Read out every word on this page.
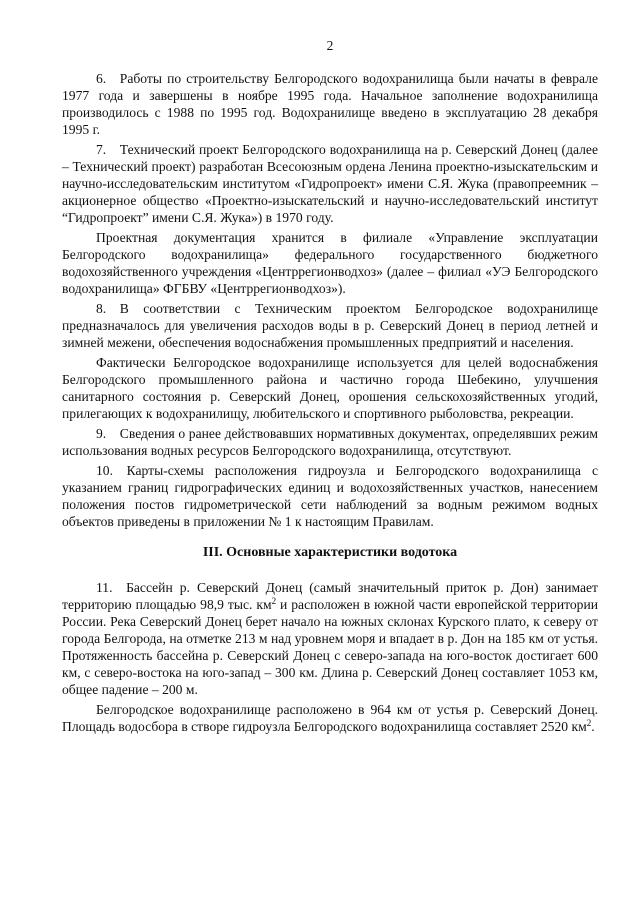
2

6. Работы по строительству Белгородского водохранилища были начаты в феврале 1977 года и завершены в ноябре 1995 года. Начальное заполнение водохранилища производилось с 1988 по 1995 год. Водохранилище введено в эксплуатацию 28 декабря 1995 г.

7. Технический проект Белгородского водохранилища на р. Северский Донец (далее – Технический проект) разработан Всесоюзным ордена Ленина проектно-изыскательским и научно-исследовательским институтом «Гидропроект» имени С.Я. Жука (правопреемник – акционерное общество «Проектно-изыскательский и научно-исследовательский институт “Гидропроект” имени С.Я. Жука») в 1970 году.

Проектная документация хранится в филиале «Управление эксплуатации Белгородского водохранилища» федерального государственного бюджетного водохозяйственного учреждения «Центррегионводхоз» (далее – филиал «УЭ Белгородского водохранилища» ФГБВУ «Центррегионводхоз»).

8. В соответствии с Техническим проектом Белгородское водохранилище предназначалось для увеличения расходов воды в р. Северский Донец в период летней и зимней межени, обеспечения водоснабжения промышленных предприятий и населения.

Фактически Белгородское водохранилище используется для целей водоснабжения Белгородского промышленного района и частично города Шебекино, улучшения санитарного состояния р. Северский Донец, орошения сельскохозяйственных угодий, прилегающих к водохранилищу, любительского и спортивного рыболовства, рекреации.

9. Сведения о ранее действовавших нормативных документах, определявших режим использования водных ресурсов Белгородского водохранилища, отсутствуют.

10. Карты-схемы расположения гидроузла и Белгородского водохранилища с указанием границ гидрографических единиц и водохозяйственных участков, нанесением положения постов гидрометрической сети наблюдений за водным режимом водных объектов приведены в приложении № 1 к настоящим Правилам.

III. Основные характеристики водотока

11. Бассейн р. Северский Донец (самый значительный приток р. Дон) занимает территорию площадью 98,9 тыс. $км^2$ и расположен в южной части европейской территории России. Река Северский Донец берет начало на южных склонах Курского плато, к северу от города Белгорода, на отметке 213 м над уровнем моря и впадает в р. Дон на 185 км от устья. Протяженность бассейна р. Северский Донец с северо-запада на юго-восток достигает 600 км, с северо-востока на юго-запад – 300 км. Длина р. Северский Донец составляет 1053 км, общее падение – 200 м.

Белгородское водохранилище расположено в 964 км от устья р. Северский Донец. Площадь водосбора в створе гидроузла Белгородского водохранилища составляет 2520 $км^2$.
